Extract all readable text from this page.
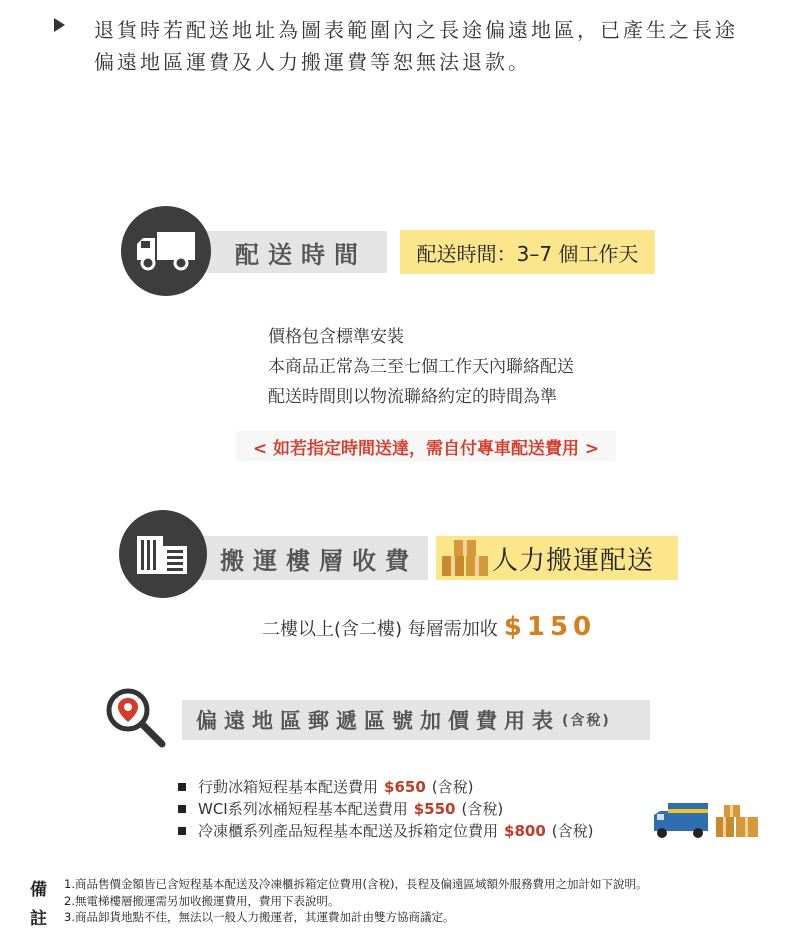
退貨時若配送地址為圖表範圍內之長途偏遠地區，已產生之長途偏遠地區運費及人力搬運費等恕無法退款。

配送時間 配送時間：3–7 個工作天
價格包含標準安裝
本商品正常為三至七個工作天內聯絡配送
配送時間則以物流聯絡約定的時間為準
< 如若指定時間送達，需自付專車配送費用 >
搬運樓層收費	人力搬運配送
二樓以上(含二樓) 每層需加收 $150
偏遠地區郵遞區號加價費用表 (含稅)
行動冰箱短程基本配送費用 $650 (含稅)
WCI系列冰桶短程基本配送費用 $550 (含稅)
冷凍櫃系列產品短程基本配送及拆箱定位費用 $800 (含稅)
備註
1.商品售價金額皆已含短程基本配送及冷凍櫃拆箱定位費用(含稅)，長程及偏遠區域額外服務費用之加計如下說明。
2.無電梯樓層搬運需另加收搬運費用，費用下表說明。
3.商品卸貨地點不佳，無法以一般人力搬運者，其運費加計由雙方協商議定。
